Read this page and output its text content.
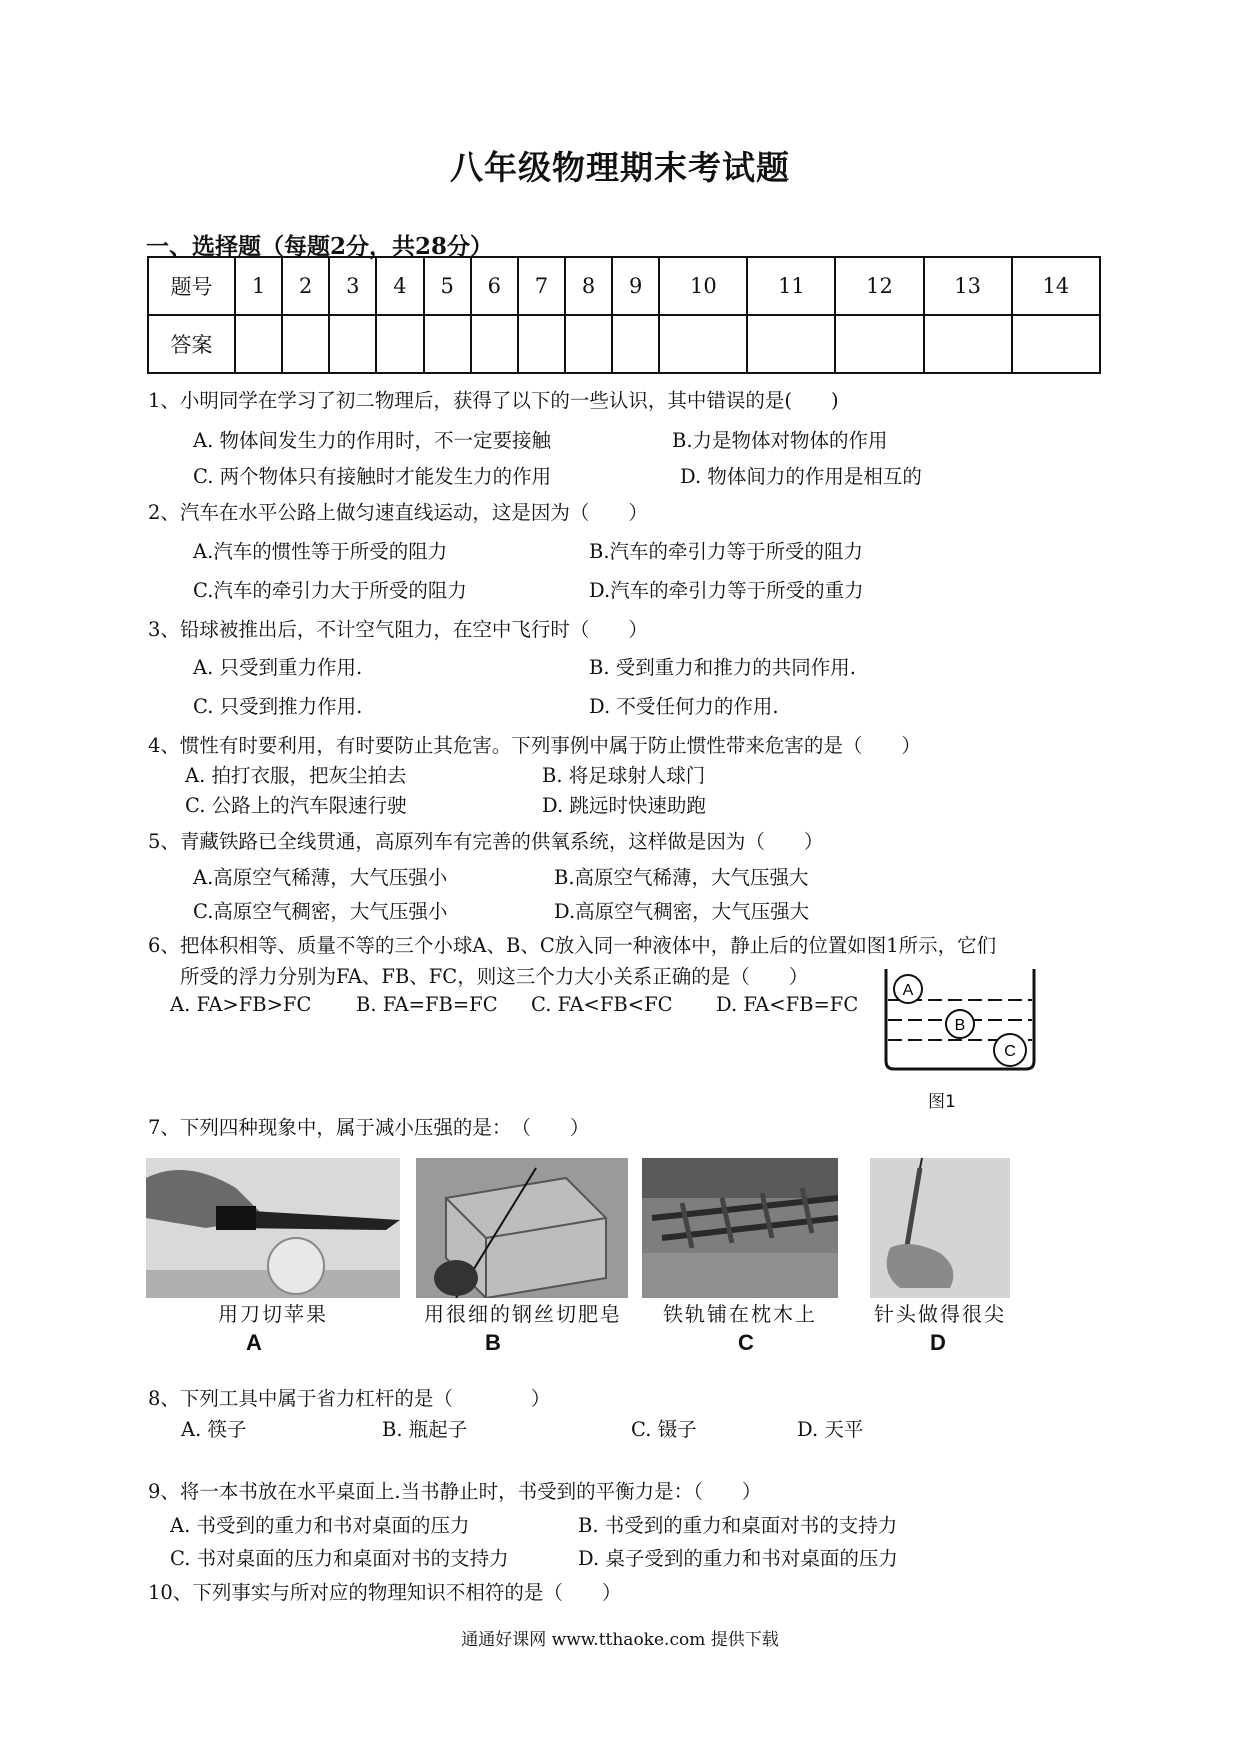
八年级物理期末考试题
一、选择题（每题2分，共28分）
题号	1	2	3	4	5	6	7	8	9	10	11	12	13	14
答案														
1、小明同学在学习了初二物理后，获得了以下的一些认识，其中错误的是(　　)
A. 物体间发生力的作用时，不一定要接触	B.力是物体对物体的作用
C. 两个物体只有接触时才能发生力的作用	D. 物体间力的作用是相互的
2、汽车在水平公路上做匀速直线运动，这是因为（　　）
A.汽车的惯性等于所受的阻力	B.汽车的牵引力等于所受的阻力
C.汽车的牵引力大于所受的阻力	D.汽车的牵引力等于所受的重力
3、铅球被推出后，不计空气阻力，在空中飞行时（　　）
A. 只受到重力作用.	B. 受到重力和推力的共同作用.
C. 只受到推力作用.	D. 不受任何力的作用.
4、惯性有时要利用，有时要防止其危害。下列事例中属于防止惯性带来危害的是（　　）
A. 拍打衣服，把灰尘拍去	B. 将足球射人球门
C. 公路上的汽车限速行驶	D. 跳远时快速助跑
5、青藏铁路已全线贯通，高原列车有完善的供氧系统，这样做是因为（　　）
A.高原空气稀薄，大气压强小	B.高原空气稀薄，大气压强大
C.高原空气稠密，大气压强小	D.高原空气稠密，大气压强大
6、把体积相等、质量不等的三个小球A、B、C放入同一种液体中，静止后的位置如图1所示，它们
所受的浮力分别为FA、FB、FC，则这三个力大小关系正确的是（　　）
A. FA>FB>FC B. FA=FB=FC C. FA<FB<FC D. FA<FB=FC
A
B
C
图1
7、下列四种现象中，属于减小压强的是：　（　　）
用刀切苹果	用很细的钢丝切肥皂	铁轨铺在枕木上	针头做得很尖
A	B	C	D
8、下列工具中属于省力杠杆的是（　　　　）
A. 筷子	B. 瓶起子	C. 镊子	D. 天平
9、将一本书放在水平桌面上.当书静止时，书受到的平衡力是：（　　）
A. 书受到的重力和书对桌面的压力	B. 书受到的重力和桌面对书的支持力
C. 书对桌面的压力和桌面对书的支持力	D. 桌子受到的重力和书对桌面的压力
10、下列事实与所对应的物理知识不相符的是（　　）
通通好课网 www.tthaoke.com 提供下载
